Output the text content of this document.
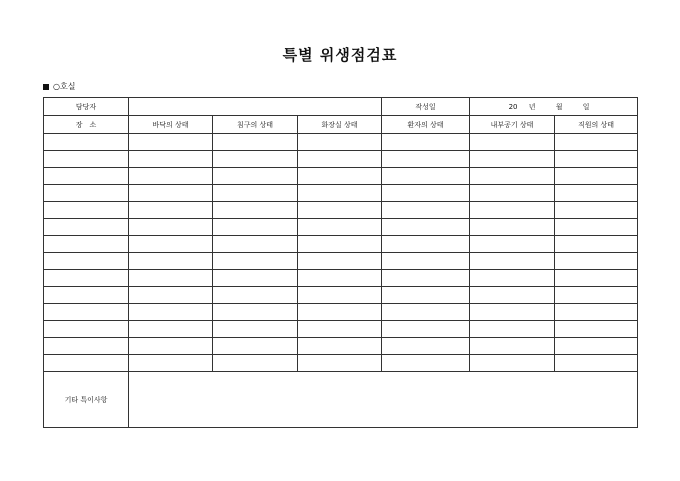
특별 위생점검표
○호실
담당자				작성일	20 년 월 일	
장　소	바닥의 상태	침구의 상태	화장실 상태	환자의 상태	내부공기 상태	직원의 상태

기타 특이사항						
